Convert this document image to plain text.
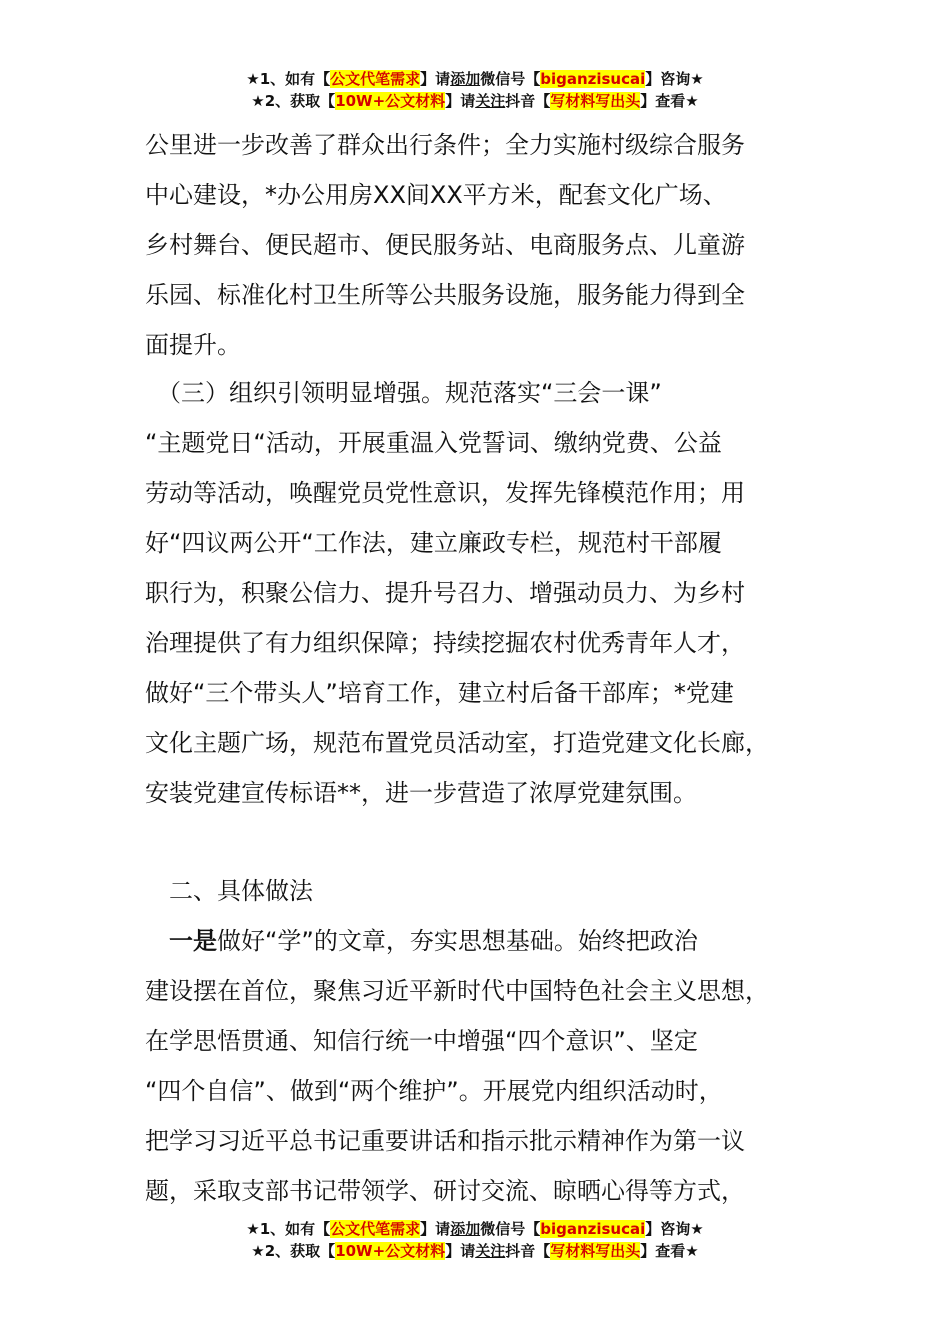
★1、如有【公文代笔需求】请添加微信号【biganzisucai】咨询★
★2、获取【10W+公文材料】请关注抖音【写材料写出头】查看★
公里进一步改善了群众出行条件；全力实施村级综合服务
中心建设，*办公用房XX间XX平方米，配套文化广场、
乡村舞台、便民超市、便民服务站、电商服务点、儿童游
乐园、标准化村卫生所等公共服务设施，服务能力得到全
面提升。
　（三）组织引领明显增强。规范落实“三会一课”
“主题党日“活动，开展重温入党誓词、缴纳党费、公益
劳动等活动，唤醒党员党性意识，发挥先锋模范作用；用
好“四议两公开“工作法，建立廉政专栏，规范村干部履
职行为，积聚公信力、提升号召力、增强动员力、为乡村
治理提供了有力组织保障；持续挖掘农村优秀青年人才，
做好“三个带头人”培育工作，建立村后备干部库；*党建
文化主题广场，规范布置党员活动室，打造党建文化长廊，
安装党建宣传标语**，进一步营造了浓厚党建氛围。
　二、具体做法
　一是做好“学”的文章，夯实思想基础。始终把政治
建设摆在首位，聚焦习近平新时代中国特色社会主义思想，
在学思悟贯通、知信行统一中增强“四个意识”、坚定
“四个自信”、做到“两个维护”。开展党内组织活动时，
把学习习近平总书记重要讲话和指示批示精神作为第一议
题，采取支部书记带领学、研讨交流、晾晒心得等方式，
★1、如有【公文代笔需求】请添加微信号【biganzisucai】咨询★
★2、获取【10W+公文材料】请关注抖音【写材料写出头】查看★
